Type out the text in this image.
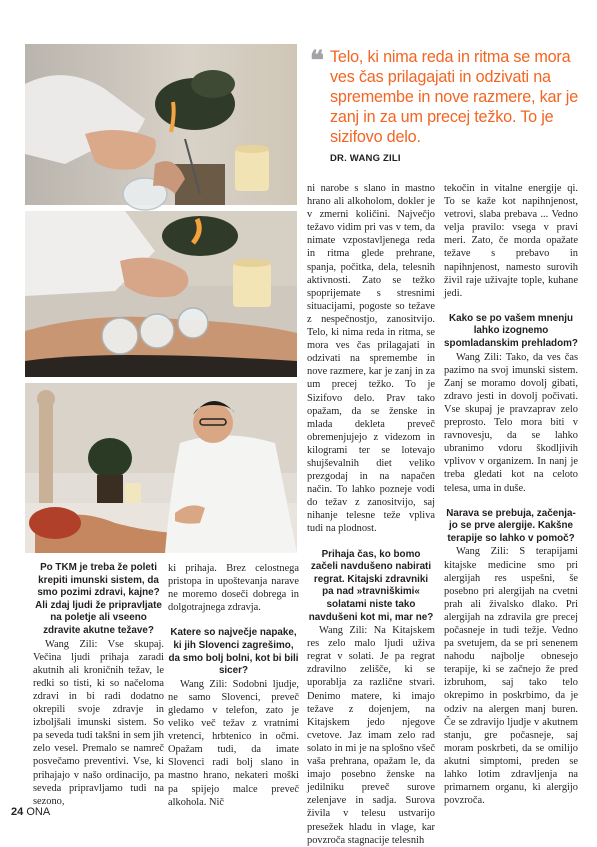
❝ Telo, ki nima reda in ritma se mora ves čas prilagajati in odzivati na spremembe in nove razmere, kar je zanj in za um precej težko. To je sizifovo delo.
DR. WANG ZILI

Po TKM je treba že poleti krepiti imunski sistem, da smo pozimi zdravi, kajne? Ali zdaj ljudi že pripravljate na poletje ali vseeno zdravite akutne težave?

Wang Zili: Vse skupaj. Večina ljudi prihaja zaradi akutnih ali kroničnih težav, le redki so tisti, ki so načeloma zdravi in bi radi dodatno okrepili svoje zdravje in izboljšali imunski sistem. So pa seveda tudi takšni in sem jih zelo vesel. Premalo se namreč posvečamo preventivi. Vse, ki prihajajo v našo ordinacijo, pa seveda pripravljamo tudi na sezono,

ki prihaja. Brez celostnega pristopa in upoštevanja narave ne moremo doseči dobrega in dolgotrajnega zdravja.

Katere so največje napake, ki jih Slovenci zagrešimo, da smo bolj bolni, kot bi bili sicer?

Wang Zili: Sodobni ljudje, ne samo Slovenci, preveč gledamo v telefon, zato je veliko več težav z vratnimi vretenci, hrbtenico in očmi. Opažam tudi, da imate Slovenci radi bolj slano in mastno hrano, nekateri moški pa spijejo malce preveč alkohola. Nič

ni narobe s slano in mastno hrano ali alkoholom, dokler je v zmerni količini. Največjo težavo vidim pri vas v tem, da nimate vzpostavljenega reda in ritma glede prehrane, spanja, počitka, dela, telesnih aktivnosti. Zato se težko spoprijemate s stresnimi situacijami, pogoste so težave z nespečnostjo, zanositvijo. Telo, ki nima reda in ritma, se mora ves čas prilagajati in odzivati na spremembe in nove razmere, kar je zanj in za um precej težko. To je Sizifovo delo. Prav tako opažam, da se ženske in mlada dekleta preveč obremenjujejo z videzom in kilogrami ter se lotevajo shujševalnih diet veliko prezgodaj in na napačen način. To lahko pozneje vodi do težav z zanositvijo, saj nihanje telesne teže vpliva tudi na plodnost.

Prihaja čas, ko bomo začeli navdušeno nabirati regrat. Kitajski zdravniki pa nad »travniškimi« solatami niste tako navdušeni kot mi, mar ne?

Wang Zili: Na Kitajskem res zelo malo ljudi uživa regrat v solati. Je pa regrat zdravilno zelišče, ki se uporablja za različne stvari. Denimo matere, ki imajo težave z dojenjem, na Kitajskem jedo njegove cvetove. Jaz imam zelo rad solato in mi je na splošno všeč vaša prehrana, opažam le, da imajo posebno ženske na jedilniku preveč surove zelenjave in sadja. Surova živila v telesu ustvarijo presežek hladu in vlage, kar povzroča stagnacije telesnih

tekočin in vitalne energije qi. To se kaže kot napihnjenost, vetrovi, slaba prebava ... Vedno velja pravilo: vsega v pravi meri. Zato, če morda opažate težave s prebavo in napihnjenost, namesto surovih živil raje uživajte tople, kuhane jedi.

Kako se po vašem mnenju lahko izognemo spomladanskim prehladom?

Wang Zili: Tako, da ves čas pazimo na svoj imunski sistem. Zanj se moramo dovolj gibati, zdravo jesti in dovolj počivati. Vse skupaj je pravzaprav zelo preprosto. Telo mora biti v ravnovesju, da se lahko ubranimo vdoru škodljivih vplivov v organizem. In nanj je treba gledati kot na celoto telesa, uma in duše.

Narava se prebuja, začenja- jo se prve alergije. Kakšne terapije so lahko v pomoč?

Wang Zili: S terapijami kitajske medicine smo pri alergijah res uspešni, še posebno pri alergijah na cvetni prah ali živalsko dlako. Pri alergijah na zdravila gre precej počasneje in tudi težje. Vedno pa svetujem, da se pri senenem nahodu najbolje obnesejo terapije, ki se začnejo že pred izbruhom, saj tako telo okrepimo in poskrbimo, da je odziv na alergen manj buren. Če se zdravijo ljudje v akutnem stanju, gre počasneje, saj moram poskrbeti, da se omilijo akutni simptomi, preden se lahko lotim zdravljenja na primarnem organu, ki alergijo povzroča.

24 ONA
